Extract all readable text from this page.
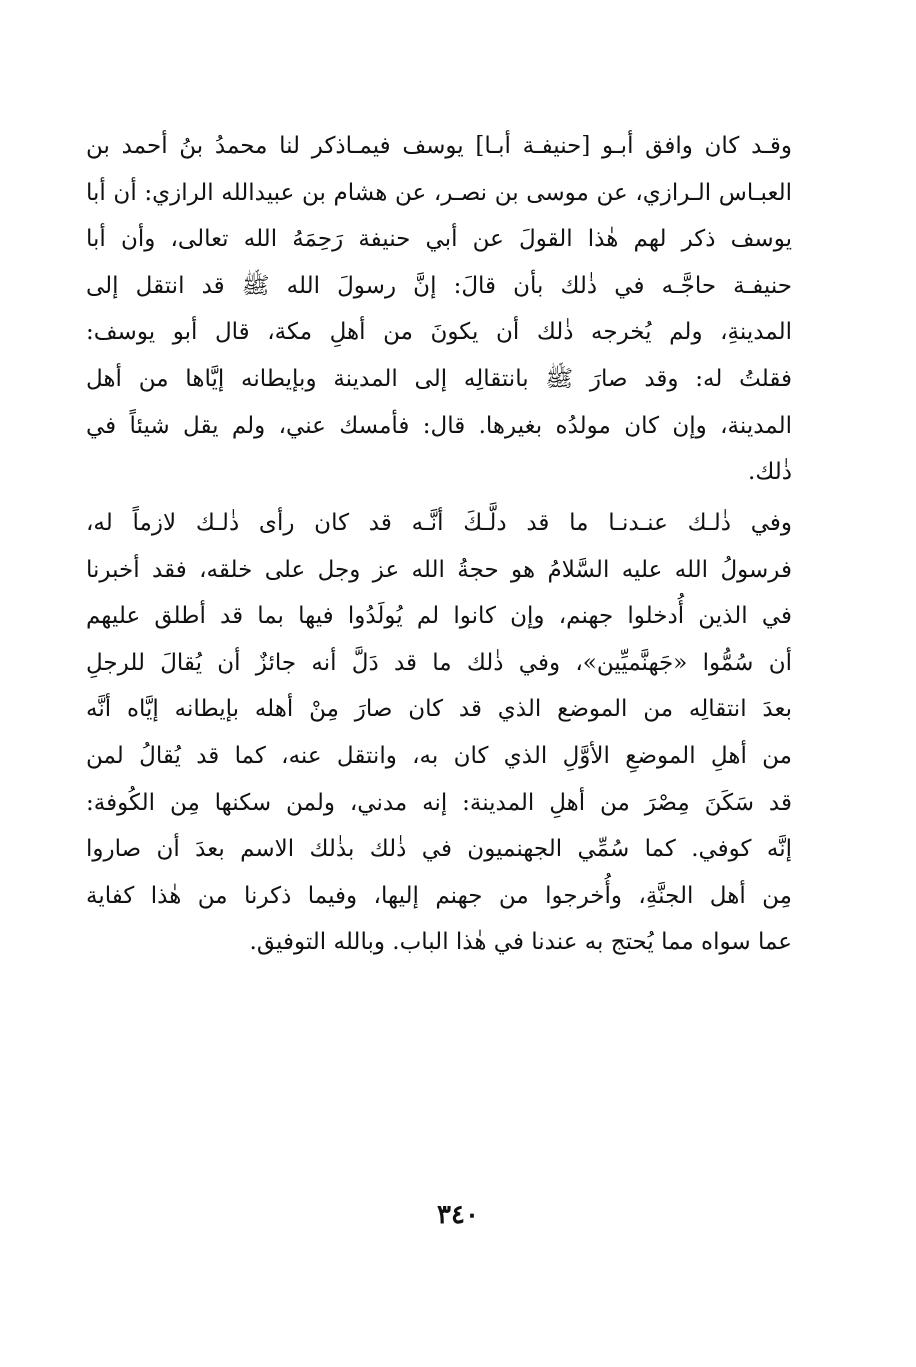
وقـد كان وافق أبـو [حنيفـة أبـا] يوسف فيمـاذكر لنا محمدُ بنُ أحمد بن
العبـاس الـرازي، عن موسى بن نصـر، عن هشام بن عبيدالله الرازي: أن أبا
يوسف ذكر لهم هٰذا القولَ عن أبي حنيفة رَحِمَهُ الله تعالى، وأن أبا
حنيفـة حاجَّـه في ذٰلك بأن قالَ: إنَّ رسولَ الله ﷺ قد انتقل إلى
المدينةِ، ولم يُخرجه ذٰلك أن يكونَ من أهلِ مكة، قال أبو يوسف:
فقلتُ له: وقد صارَ ﷺ بانتقالِه إلى المدينة وبإيطانه إيَّاها من أهل
المدينة، وإن كان مولدُه بغيرها. قال: فأمسك عني، ولم يقل شيئاً في
ذٰلك.
وفي ذٰلـك عنـدنـا ما قد دلَّـكَ أنَّـه قد كان رأى ذٰلـك لازماً له،
فرسولُ الله عليه السَّلامُ هو حجةُ الله عز وجل على خلقه، فقد أخبرنا
في الذين أُدخلوا جهنم، وإن كانوا لم يُولَدُوا فيها بما قد أطلق عليهم
أن سُمُّوا «جَهنَّميِّين»، وفي ذٰلك ما قد دَلَّ أنه جائزٌ أن يُقالَ للرجلِ
بعدَ انتقالِه من الموضع الذي قد كان صارَ مِنْ أهله بإيطانه إيَّاه أنَّه
من أهلِ الموضعِ الأوَّلِ الذي كان به، وانتقل عنه، كما قد يُقالُ لمن
قد سَكَنَ مِصْرَ من أهلِ المدينة: إنه مدني، ولمن سكنها مِن الكُوفة:
إنَّه كوفي. كما سُمِّي الجهنميون في ذٰلك بذٰلك الاسم بعدَ أن صاروا
مِن أهل الجنَّةِ، وأُخرجوا من جهنم إليها، وفيما ذكرنا من هٰذا كفاية
عما سواه مما يُحتج به عندنا في هٰذا الباب. وبالله التوفيق.
٣٤٠
